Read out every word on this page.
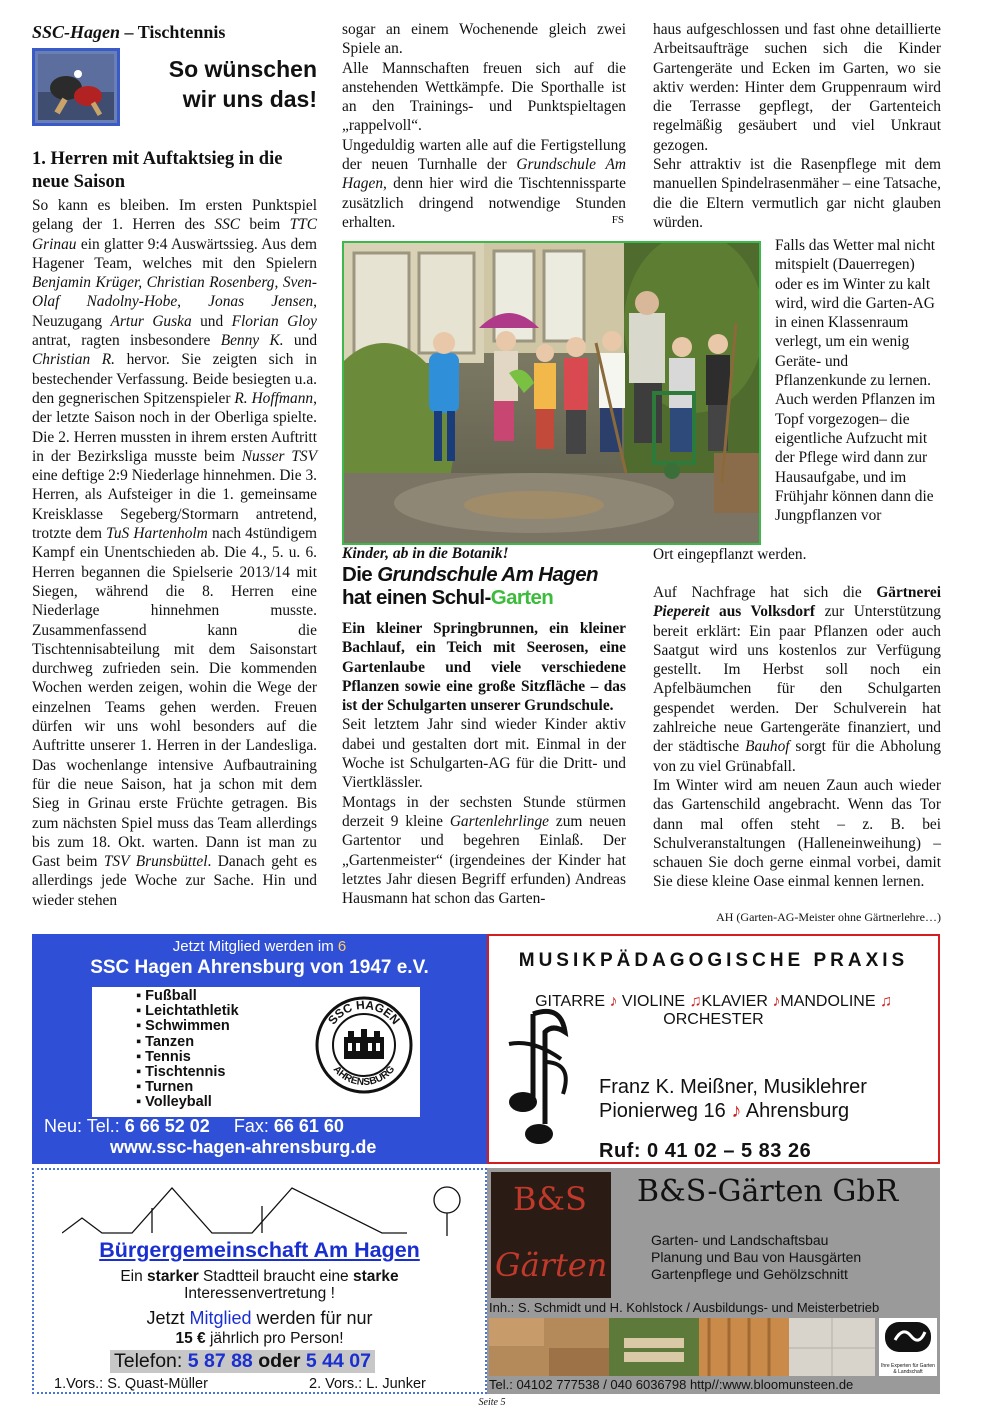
SSC-Hagen – Tischtennis
So wünschen
wir uns das!
1. Herren mit Auftaktsieg in die neue Saison

So kann es bleiben. Im ersten Punktspiel gelang der 1. Herren des SSC beim TTC Grinau ein glatter 9:4 Auswärtssieg. Aus dem Hagener Team, welches mit den Spielern Benjamin Krüger, Christian Rosenberg, Sven-Olaf Nadolny-Hobe, Jonas Jensen, Neuzugang Artur Guska und Florian Gloy antrat, ragten insbesondere Benny K. und Christian R. hervor. Sie zeigten sich in bestechender Verfassung. Beide besiegten u.a. den gegnerischen Spitzenspieler R. Hoffmann, der letzte Saison noch in der Oberliga spielte. Die 2. Herren mussten in ihrem ersten Auftritt in der Bezirksliga musste beim Nusser TSV eine deftige 2:9 Niederlage hinnehmen. Die 3. Herren, als Aufsteiger in die 1. gemeinsame Kreisklasse Segeberg/Stormarn antretend, trotzte dem TuS Hartenholm nach 4stündigem Kampf ein Unentschieden ab. Die 4., 5. u. 6. Herren begannen die Spielserie 2013/14 mit Siegen, während die 8. Herren eine Niederlage hinnehmen musste. Zusammenfassend kann die Tischtennisabteilung mit dem Saisonstart durchweg zufrieden sein. Die kommenden Wochen werden zeigen, wohin die Wege der einzelnen Teams gehen werden. Freuen dürfen wir uns wohl besonders auf die Auftritte unserer 1. Herren in der Landesliga. Das wochenlange intensive Aufbautraining für die neue Saison, hat ja schon mit dem Sieg in Grinau erste Früchte getragen. Bis zum nächsten Spiel muss das Team allerdings bis zum 18. Okt. warten. Dann ist man zu Gast beim TSV Brunsbüttel. Danach geht es allerdings jede Woche zur Sache. Hin und wieder stehen

sogar an einem Wochenende gleich zwei Spiele an.

Alle Mannschaften freuen sich auf die anstehenden Wettkämpfe. Die Sporthalle ist an den Trainings- und Punktspieltagen „rappelvoll“.

Ungeduldig warten alle auf die Fertigstellung der neuen Turnhalle der Grundschule Am Hagen, denn hier wird die Tischtennissparte zusätzlich dringend notwendige Stunden erhalten.	FS
Kinder, ab in die Botanik!
Die Grundschule Am Hagen
hat einen Schul-Garten

Ein kleiner Springbrunnen, ein kleiner Bachlauf, ein Teich mit Seerosen, eine Gartenlaube und viele verschiedene Pflanzen sowie eine große Sitzfläche – das ist der Schulgarten unserer Grundschule.

Seit letztem Jahr sind wieder Kinder aktiv dabei und gestalten dort mit. Einmal in der Woche ist Schulgarten-AG für die Dritt- und Viertklässler.

Montags in der sechsten Stunde stürmen derzeit 9 kleine Gartenlehrlinge zum neuen Gartentor und begehren Einlaß. Der „Gartenmeister“ (irgendeines der Kinder hat letztes Jahr diesen Begriff erfunden) Andreas Hausmann hat schon das Garten-

haus aufgeschlossen und fast ohne detaillierte Arbeitsaufträge suchen sich die Kinder Gartengeräte und Ecken im Garten, wo sie aktiv werden: Hinter dem Gruppenraum wird die Terrasse gepflegt, der Gartenteich regelmäßig gesäubert und viel Unkraut gezogen.

Sehr attraktiv ist die Rasenpflege mit dem manuellen Spindelrasenmäher – eine Tatsache, die die Eltern vermutlich gar nicht glauben würden.

Falls das Wetter mal nicht mitspielt (Dauerregen) oder es im Winter zu kalt wird, wird die Garten-AG in einen Klassenraum verlegt, um ein wenig Geräte- und Pflanzenkunde zu lernen. Auch werden Pflanzen im Topf vorgezogen– die eigentliche Aufzucht mit der Pflege wird dann zur Hausaufgabe, und im Frühjahr können dann die Jungpflanzen vor

Ort eingepflanzt werden.

Auf Nachfrage hat sich die Gärtnerei Piepereit aus Volksdorf zur Unterstützung bereit erklärt: Ein paar Pflanzen oder auch Saatgut wird uns kostenlos zur Verfügung gestellt. Im Herbst soll noch ein Apfelbäumchen für den Schulgarten gespendet werden. Der Schulverein hat zahlreiche neue Gartengeräte finanziert, und der städtische Bauhof sorgt für die Abholung von zu viel Grünabfall.

Im Winter wird am neuen Zaun auch wieder das Gartenschild angebracht. Wenn das Tor dann mal offen steht – z. B. bei Schulveranstaltungen (Halleneinweihung) – schauen Sie doch gerne einmal vorbei, damit Sie diese kleine Oase einmal kennen lernen.

AH (Garten-AG-Meister ohne Gärtnerlehre…)
Jetzt Mitglied werden im 6
SSC Hagen Ahrensburg von 1947 e.V.
▪ Fußball
▪ Leichtathletik
▪ Schwimmen
▪ Tanzen
▪ Tennis
▪ Tischtennis
▪ Turnen
▪ Volleyball
SSC HAGEN
AHRENSBURG
Neu: Tel.: 6 66 52 02 Fax: 66 61 60
www.ssc-hagen-ahrensburg.de
MUSIKPÄDAGOGISCHE PRAXIS
GITARRE ♪ VIOLINE ♫KLAVIER ♪MANDOLINE ♫
ORCHESTER
Franz K. Meißner, Musiklehrer
Pionierweg 16 ♪ Ahrensburg
Ruf: 0 41 02 – 5 83 26
Bürgergemeinschaft Am Hagen
Ein starker Stadtteil braucht eine starke
Interessenvertretung !
Jetzt Mitglied werden für nur
15 € jährlich pro Person!
Telefon: 5 87 88 oder 5 44 07
1.Vors.: S. Quast-Müller	2. Vors.: L. Junker
B&S
Gärten
B&S-Gärten GbR
Garten- und Landschaftsbau
Planung und Bau von Hausgärten
Gartenpflege und Gehölzschnitt
Inh.: S. Schmidt und H. Kohlstock / Ausbildungs- und Meisterbetrieb
Ihre Experten für Garten & Landschaft
Tel.: 04102 777538 / 040 6036798 http//:www.bloomunsteen.de
Seite 5
